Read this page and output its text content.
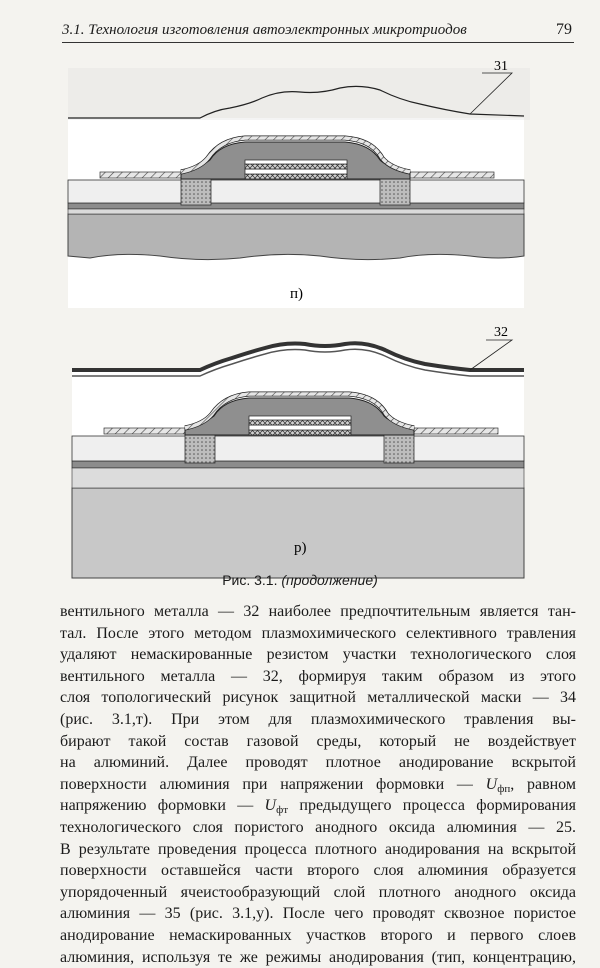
3.1. Технология изготовления автоэлектронных микротриодов	79
31
п)
32
р)
Рис. 3.1. (продолжение)
вентильного металла — 32 наиболее предпочтительным является тан-
тал. После этого методом плазмохимического селективного травления
удаляют немаскированные резистом участки технологического слоя
вентильного металла — 32, формируя таким образом из этого
слоя топологический рисунок защитной металлической маски — 34
(рис. 3.1,т). При этом для плазмохимического травления вы-
бирают такой состав газовой среды, который не воздействует
на алюминий. Далее проводят плотное анодирование вскрытой
поверхности алюминия при напряжении формовки — $U_{фп}$, равном
напряжению формовки — $U_{фт}$ предыдущего процесса формирования
технологического слоя пористого анодного оксида алюминия — 25.
В результате проведения процесса плотного анодирования на вскрытой
поверхности оставшейся части второго слоя алюминия образуется
упорядоченный ячеистообразующий слой плотного анодного оксида
алюминия — 35 (рис. 3.1,у). После чего проводят сквозное пористое
анодирование немаскированных участков второго и первого слоев
алюминия, используя те же режимы анодирования (тип, концентрацию,
